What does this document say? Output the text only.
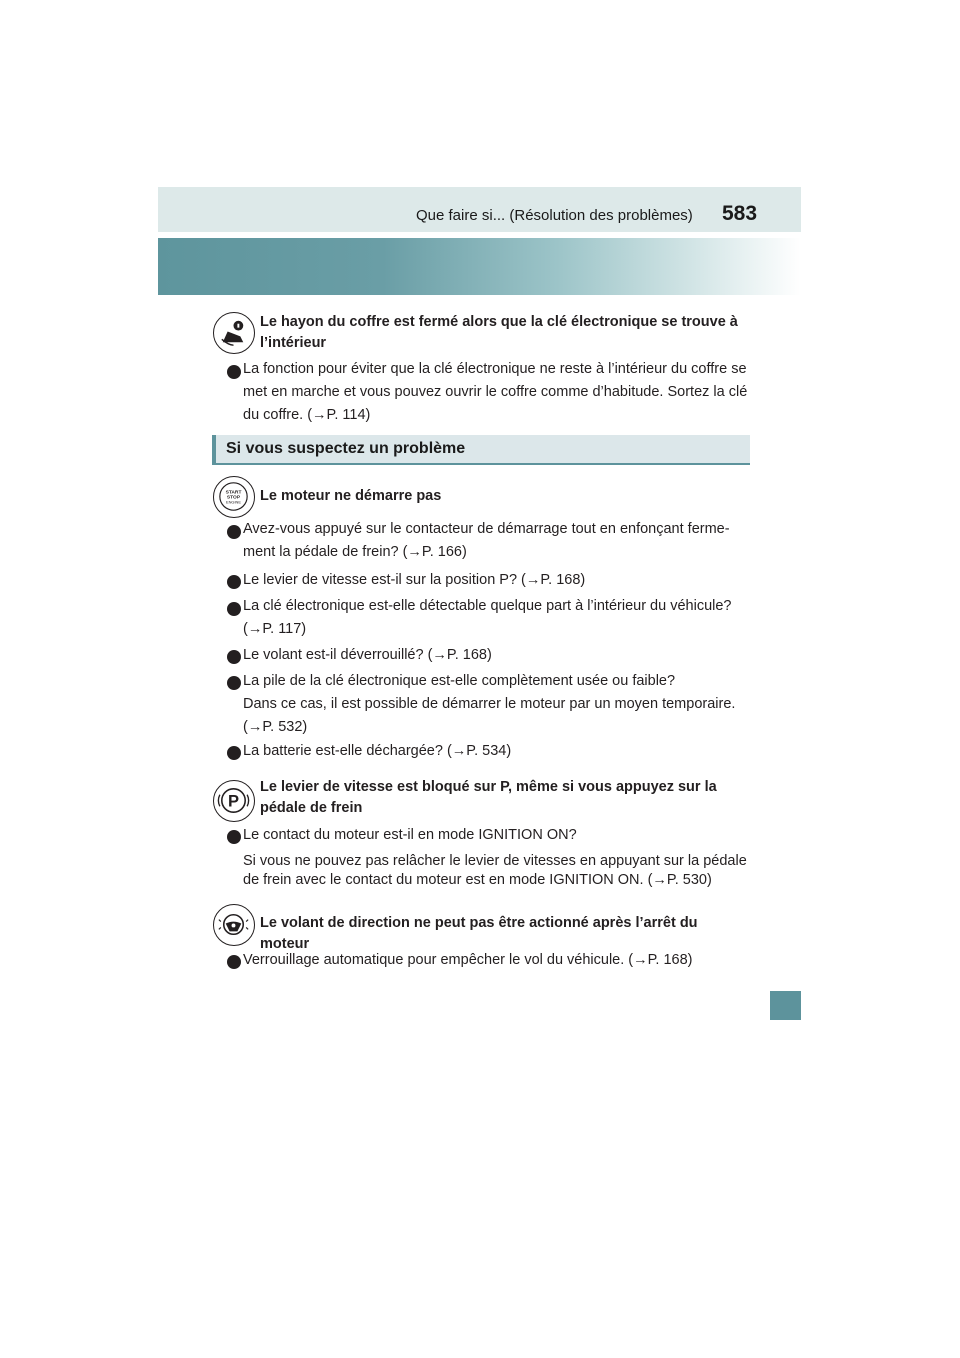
Que faire si... (Résolution des problèmes) 583
Le hayon du coffre est fermé alors que la clé électronique se trouve à l’intérieur
La fonction pour éviter que la clé électronique ne reste à l’intérieur du coffre se met en marche et vous pouvez ouvrir le coffre comme d’habitude. Sortez la clé du coffre. (→P. 114)
Si vous suspectez un problème
START
STOP
ENGINE Le moteur ne démarre pas
Avez-vous appuyé sur le contacteur de démarrage tout en enfonçant ferme-ment la pédale de frein? (→P. 166)
Le levier de vitesse est-il sur la position P? (→P. 168)
La clé électronique est-elle détectable quelque part à l’intérieur du véhicule? (→P. 117)
Le volant est-il déverrouillé? (→P. 168)
La pile de la clé électronique est-elle complètement usée ou faible?
Dans ce cas, il est possible de démarrer le moteur par un moyen temporaire. (→P. 532)
La batterie est-elle déchargée? (→P. 534)
P
Le levier de vitesse est bloqué sur P, même si vous appuyez sur la pédale de frein
Le contact du moteur est-il en mode IGNITION ON?
Si vous ne pouvez pas relâcher le levier de vitesses en appuyant sur la pédale de frein avec le contact du moteur est en mode IGNITION ON. (→P. 530)
Le volant de direction ne peut pas être actionné après l’arrêt du moteur
Verrouillage automatique pour empêcher le vol du véhicule. (→P. 168)
